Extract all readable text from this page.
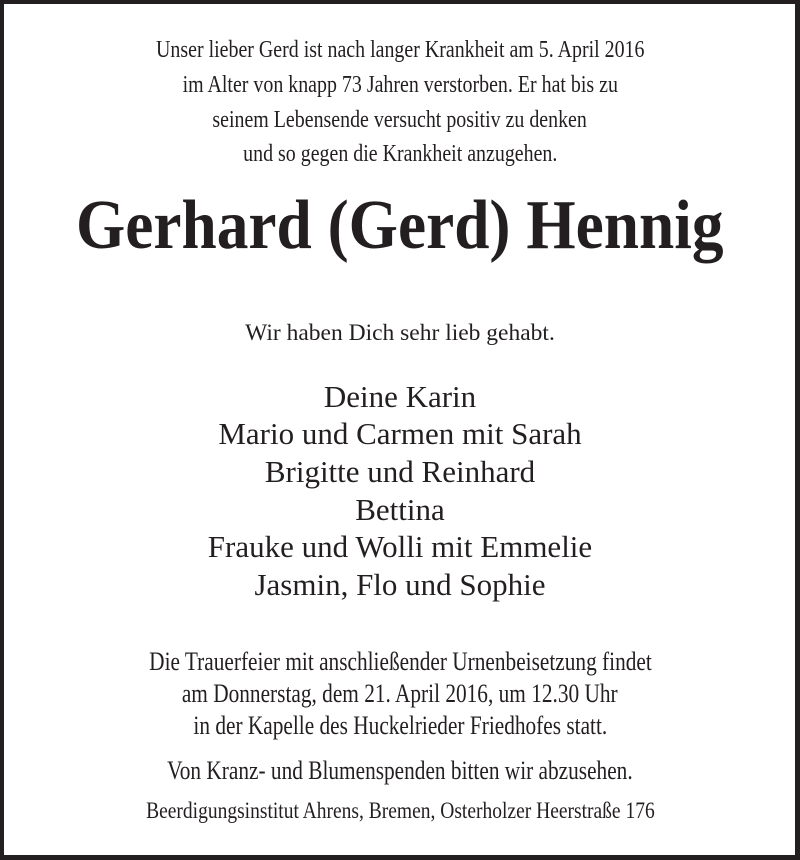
Unser lieber Gerd ist nach langer Krankheit am 5. April 2016
im Alter von knapp 73 Jahren verstorben. Er hat bis zu
seinem Lebensende versucht positiv zu denken
und so gegen die Krankheit anzugehen.
Gerhard (Gerd) Hennig
Wir haben Dich sehr lieb gehabt.
Deine Karin
Mario und Carmen mit Sarah
Brigitte und Reinhard
Bettina
Frauke und Wolli mit Emmelie
Jasmin, Flo und Sophie
Die Trauerfeier mit anschließender Urnenbeisetzung findet
am Donnerstag, dem 21. April 2016, um 12.30 Uhr
in der Kapelle des Huckelrieder Friedhofes statt.
Von Kranz- und Blumenspenden bitten wir abzusehen.
Beerdigungsinstitut Ahrens, Bremen, Osterholzer Heerstraße 176
